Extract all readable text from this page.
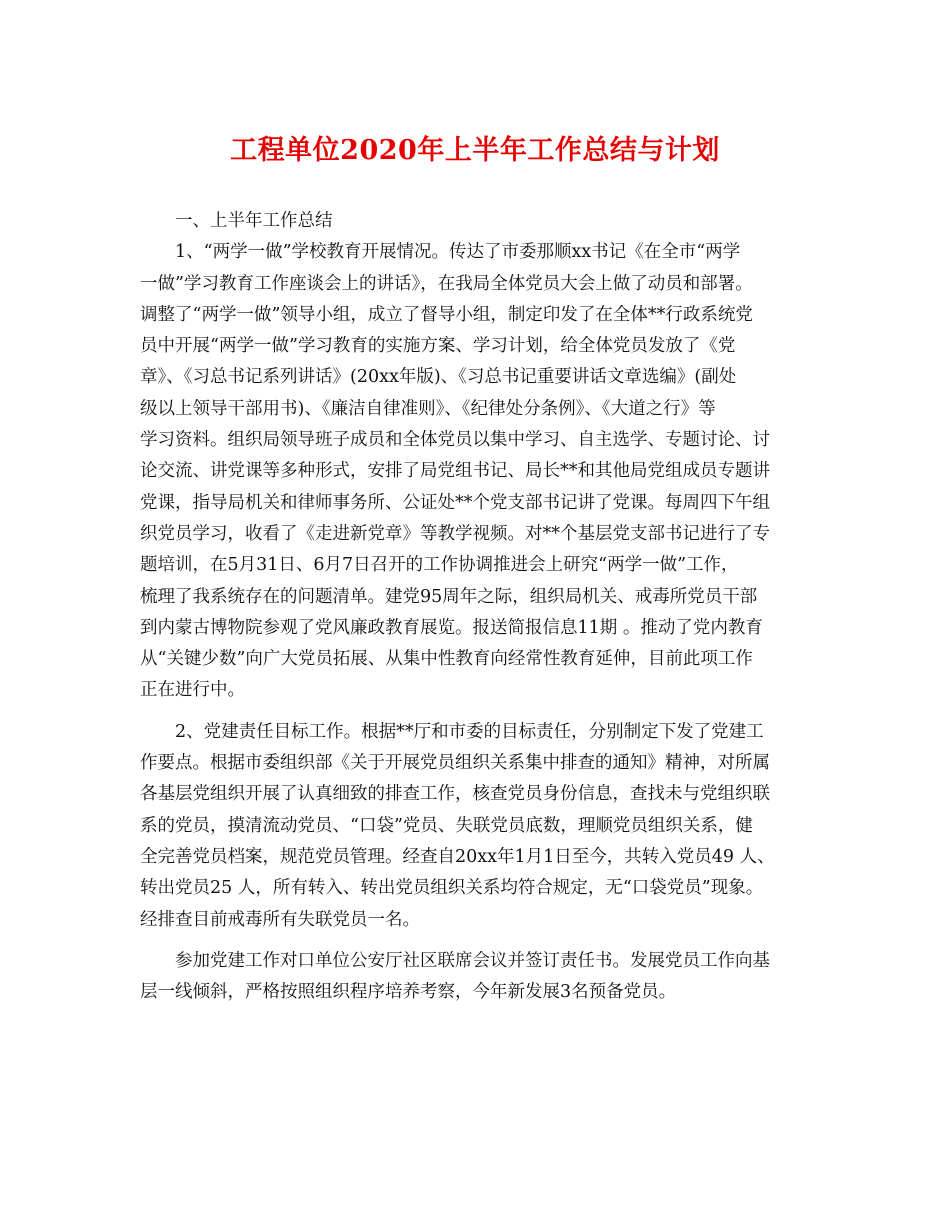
工程单位2020年上半年工作总结与计划
　　一、上半年工作总结
　　1、“两学一做”学校教育开展情况。传达了市委那顺xx书记《在全市“两学
一做”学习教育工作座谈会上的讲话》，在我局全体党员大会上做了动员和部署。
调整了“两学一做”领导小组，成立了督导小组，制定印发了在全体**行政系统党
员中开展“两学一做”学习教育的实施方案、学习计划，给全体党员发放了《党
章》、《习总书记系列讲话》(20xx年版)、《习总书记重要讲话文章选编》(副处
级以上领导干部用书)、《廉洁自律准则》、《纪律处分条例》、《大道之行》等
学习资料。组织局领导班子成员和全体党员以集中学习、自主选学、专题讨论、讨
论交流、讲党课等多种形式，安排了局党组书记、局长**和其他局党组成员专题讲
党课，指导局机关和律师事务所、公证处**个党支部书记讲了党课。每周四下午组
织党员学习，收看了《走进新党章》等教学视频。对**个基层党支部书记进行了专
题培训，在5月31日、6月7日召开的工作协调推进会上研究“两学一做”工作，
梳理了我系统存在的问题清单。建党95周年之际，组织局机关、戒毒所党员干部
到内蒙古博物院参观了党风廉政教育展览。报送简报信息11期 。推动了党内教育
从“关键少数”向广大党员拓展、从集中性教育向经常性教育延伸，目前此项工作
正在进行中。
　　2、党建责任目标工作。根据**厅和市委的目标责任，分别制定下发了党建工
作要点。根据市委组织部《关于开展党员组织关系集中排查的通知》精神，对所属
各基层党组织开展了认真细致的排查工作，核查党员身份信息，查找未与党组织联
系的党员，摸清流动党员、“口袋”党员、失联党员底数，理顺党员组织关系，健
全完善党员档案，规范党员管理。经查自20xx年1月1日至今，共转入党员49 人、
转出党员25 人，所有转入、转出党员组织关系均符合规定，无“口袋党员”现象。
经排查目前戒毒所有失联党员一名。
　　参加党建工作对口单位公安厅社区联席会议并签订责任书。发展党员工作向基
层一线倾斜，严格按照组织程序培养考察，今年新发展3名预备党员。
